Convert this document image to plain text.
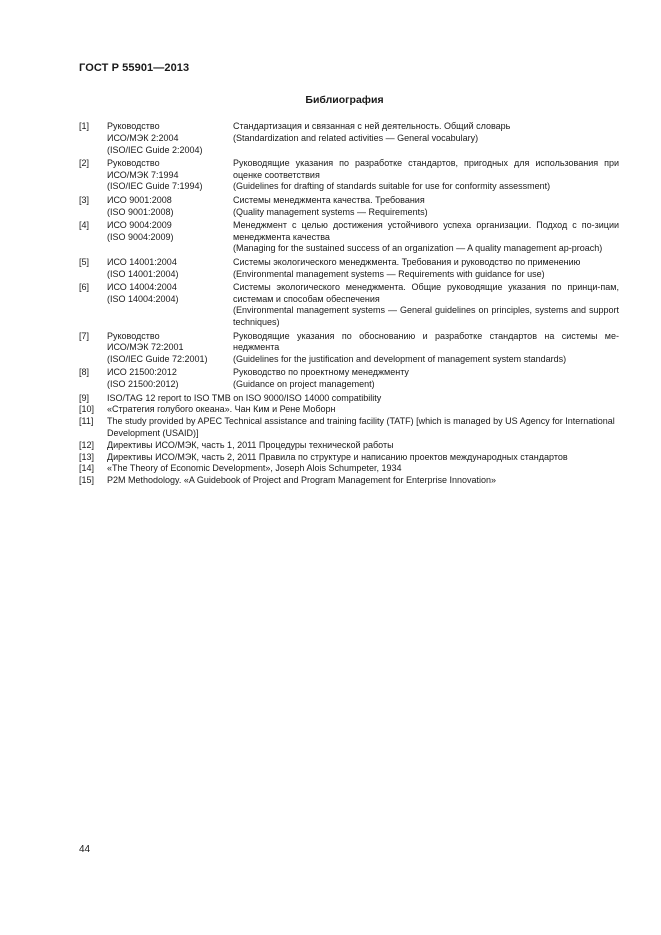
ГОСТ Р 55901—2013
Библиография
[1] Руководство
ИСО/МЭК 2:2004
(ISO/IEC Guide 2:2004)
Стандартизация и связанная с ней деятельность. Общий словарь
(Standardization and related activities — General vocabulary)
[2] Руководство
ИСО/МЭК 7:1994
(ISO/IEC Guide 7:1994)
Руководящие указания по разработке стандартов, пригодных для использования при оценке соответствия
(Guidelines for drafting of standards suitable for use for conformity assessment)
[3] ИСО 9001:2008
(ISO 9001:2008)
Системы менеджмента качества. Требования
(Quality management systems — Requirements)
[4] ИСО 9004:2009
(ISO 9004:2009)
Менеджмент с целью достижения устойчивого успеха организации. Подход с по-зиции менеджмента качества
(Managing for the sustained success of an organization — A quality management ap-proach)
[5] ИСО 14001:2004
(ISO 14001:2004)
Системы экологического менеджмента. Требования и руководство по применению
(Environmental management systems — Requirements with guidance for use)
[6] ИСО 14004:2004
(ISO 14004:2004)
Системы экологического менеджмента. Общие руководящие указания по принци-пам, системам и способам обеспечения
(Environmental management systems — General guidelines on principles, systems and support techniques)
[7] Руководство
ИСО/МЭК 72:2001
(ISO/IEC Guide 72:2001)
Руководящие указания по обоснованию и разработке стандартов на системы ме-неджмента
(Guidelines for the justification and development of management system standards)
[8] ИСО 21500:2012
(ISO 21500:2012)
Руководство по проектному менеджменту
(Guidance on project management)
[9] ISO/TAG 12 report to ISO TMB on ISO 9000/ISO 14000 compatibility
[10] «Стратегия голубого океана». Чан Ким и Рене Моборн
[11] The study provided by APEC Technical assistance and training facility (TATF) [which is managed by US Agency for International Development (USAID)]
[12] Директивы ИСО/МЭК, часть 1, 2011 Процедуры технической работы
[13] Директивы ИСО/МЭК, часть 2, 2011 Правила по структуре и написанию проектов международных стандартов
[14] «The Theory of Economic Development», Joseph Alois Schumpeter, 1934
[15] P2M Methodology. «A Guidebook of Project and Program Management for Enterprise Innovation»
44
